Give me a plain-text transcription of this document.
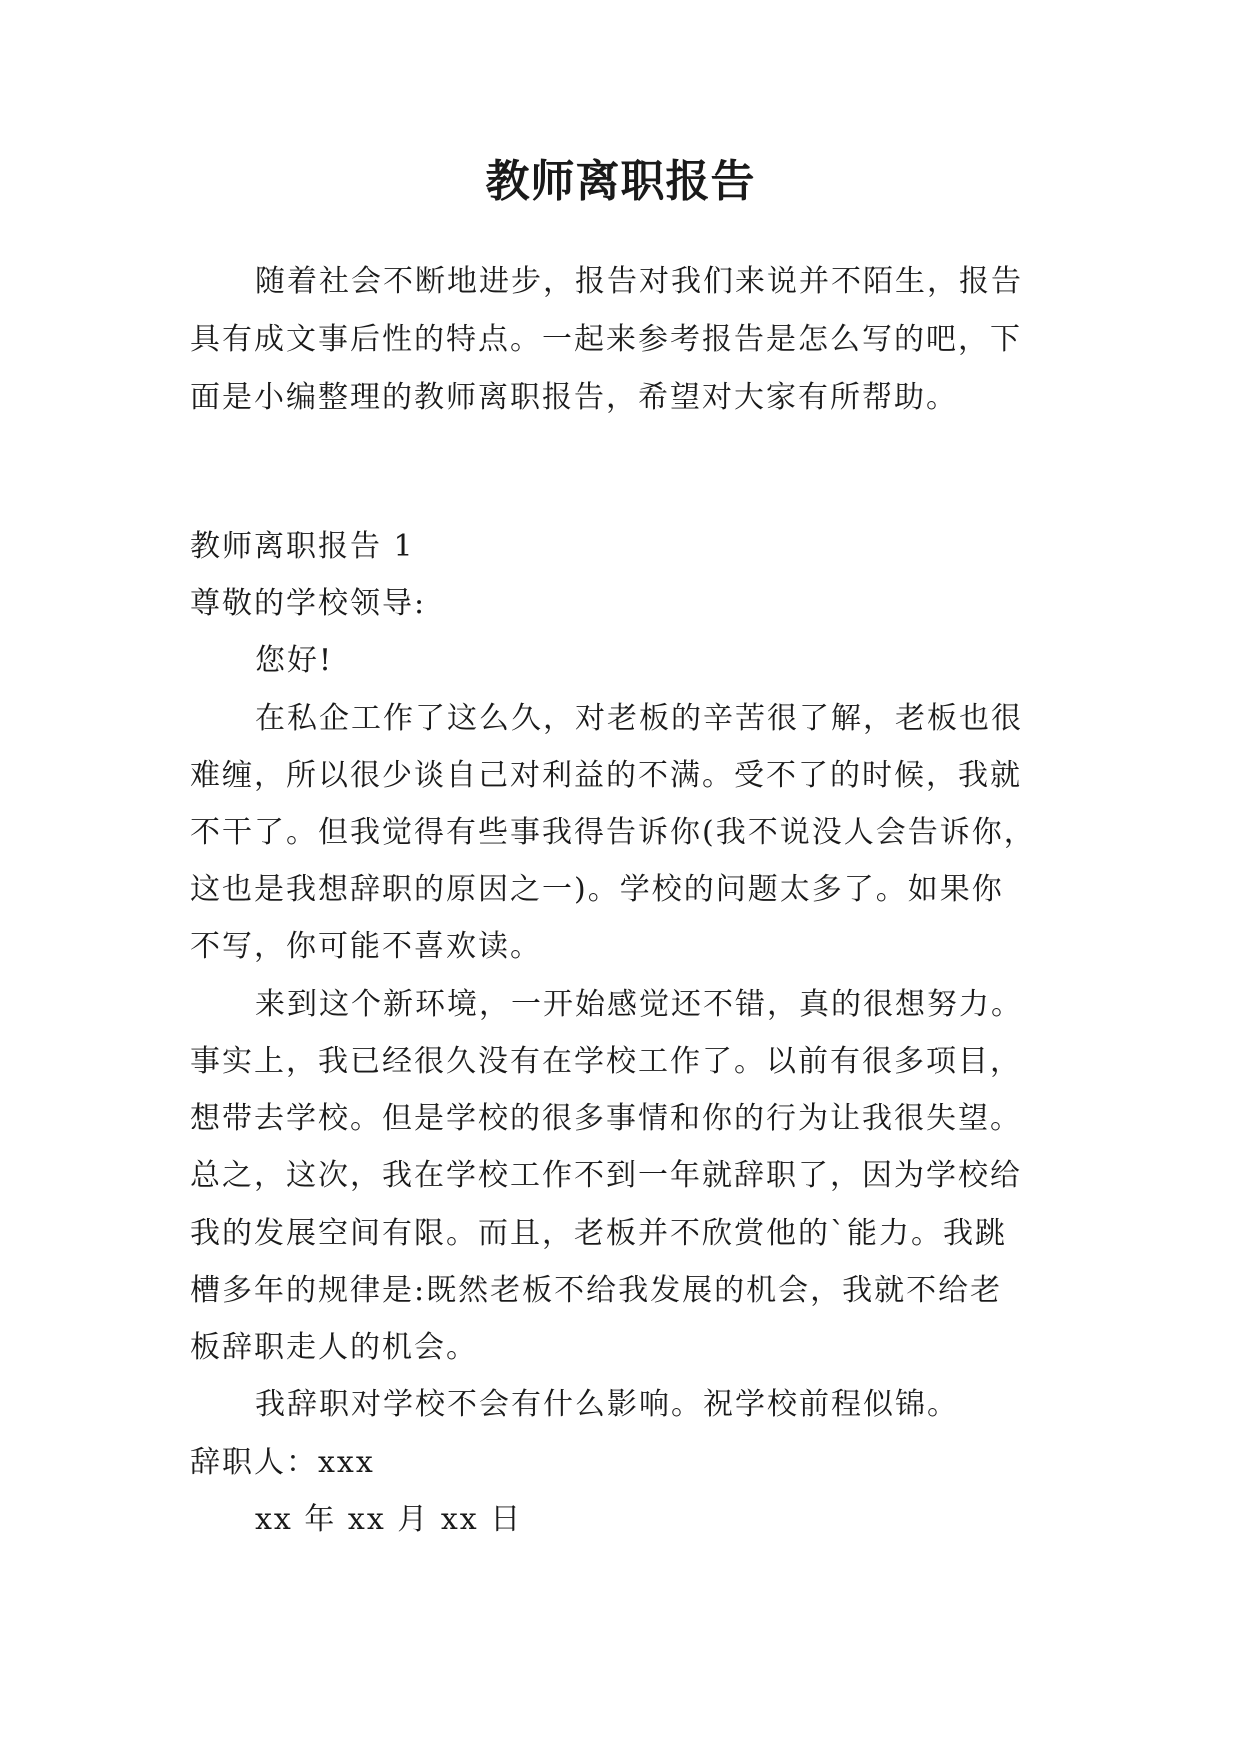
教师离职报告
随着社会不断地进步，报告对我们来说并不陌生，报告
具有成文事后性的特点。一起来参考报告是怎么写的吧，下
面是小编整理的教师离职报告，希望对大家有所帮助。
教师离职报告 1
尊敬的学校领导:
您好!
在私企工作了这么久，对老板的辛苦很了解，老板也很
难缠，所以很少谈自己对利益的不满。受不了的时候，我就
不干了。但我觉得有些事我得告诉你(我不说没人会告诉你，
这也是我想辞职的原因之一)。学校的问题太多了。如果你
不写，你可能不喜欢读。
来到这个新环境，一开始感觉还不错，真的很想努力。
事实上，我已经很久没有在学校工作了。以前有很多项目，
想带去学校。但是学校的很多事情和你的行为让我很失望。
总之，这次，我在学校工作不到一年就辞职了，因为学校给
我的发展空间有限。而且，老板并不欣赏他的`能力。我跳
槽多年的规律是:既然老板不给我发展的机会，我就不给老
板辞职走人的机会。
我辞职对学校不会有什么影响。祝学校前程似锦。
辞职人：xxx
xx 年 xx 月 xx 日
